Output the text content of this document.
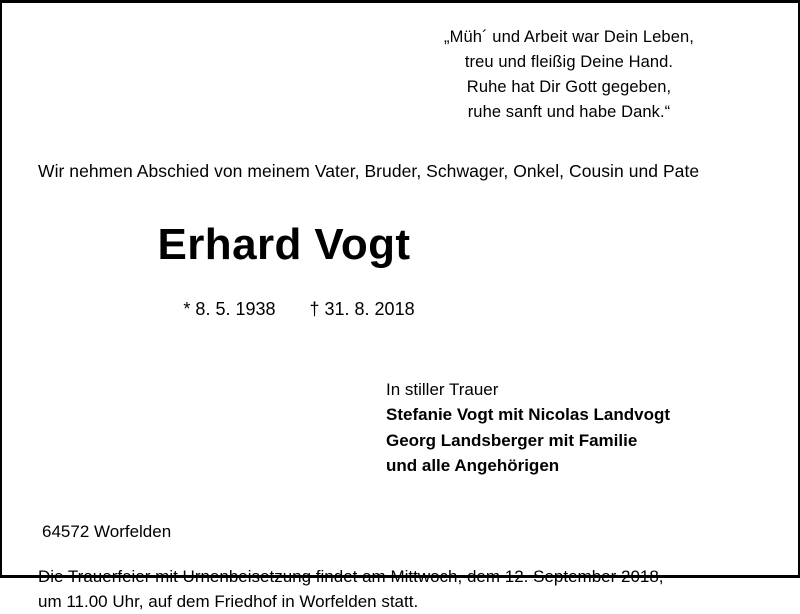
„Müh´ und Arbeit war Dein Leben,
treu und fleißig Deine Hand.
Ruhe hat Dir Gott gegeben,
ruhe sanft und habe Dank.“
Wir nehmen Abschied von meinem Vater, Bruder, Schwager, Onkel, Cousin und Pate
Erhard Vogt

* 8. 5. 1938 † 31. 8. 2018

In stiller Trauer
Stefanie Vogt mit Nicolas Landvogt
Georg Landsberger mit Familie
und alle Angehörigen
64572 Worfelden
Die Trauerfeier mit Urnenbeisetzung findet am Mittwoch, dem 12. September 2018,
um 11.00 Uhr, auf dem Friedhof in Worfelden statt.
